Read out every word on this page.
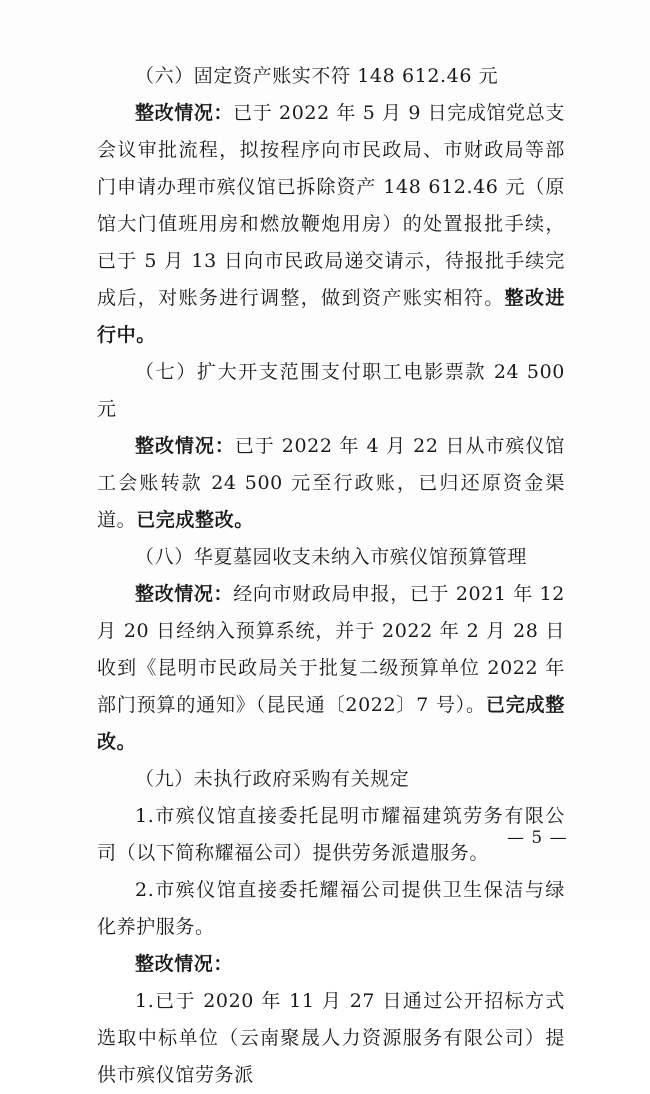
（六）固定资产账实不符 148 612.46 元

整改情况：已于 2022 年 5 月 9 日完成馆党总支会议审批流程，拟按程序向市民政局、市财政局等部门申请办理市殡仪馆已拆除资产 148 612.46 元（原馆大门值班用房和燃放鞭炮用房）的处置报批手续，已于 5 月 13 日向市民政局递交请示，待报批手续完成后，对账务进行调整，做到资产账实相符。整改进行中。

（七）扩大开支范围支付职工电影票款 24 500 元

整改情况：已于 2022 年 4 月 22 日从市殡仪馆工会账转款 24 500 元至行政账，已归还原资金渠道。已完成整改。

（八）华夏墓园收支未纳入市殡仪馆预算管理

整改情况：经向市财政局申报，已于 2021 年 12 月 20 日经纳入预算系统，并于 2022 年 2 月 28 日收到《昆明市民政局关于批复二级预算单位 2022 年部门预算的通知》（昆民通〔2022〕7 号）。已完成整改。

（九）未执行政府采购有关规定

1.市殡仪馆直接委托昆明市耀福建筑劳务有限公司（以下简称耀福公司）提供劳务派遣服务。

2.市殡仪馆直接委托耀福公司提供卫生保洁与绿化养护服务。

整改情况：

1.已于 2020 年 11 月 27 日通过公开招标方式选取中标单位（云南聚晟人力资源服务有限公司）提供市殡仪馆劳务派

— 5 —
